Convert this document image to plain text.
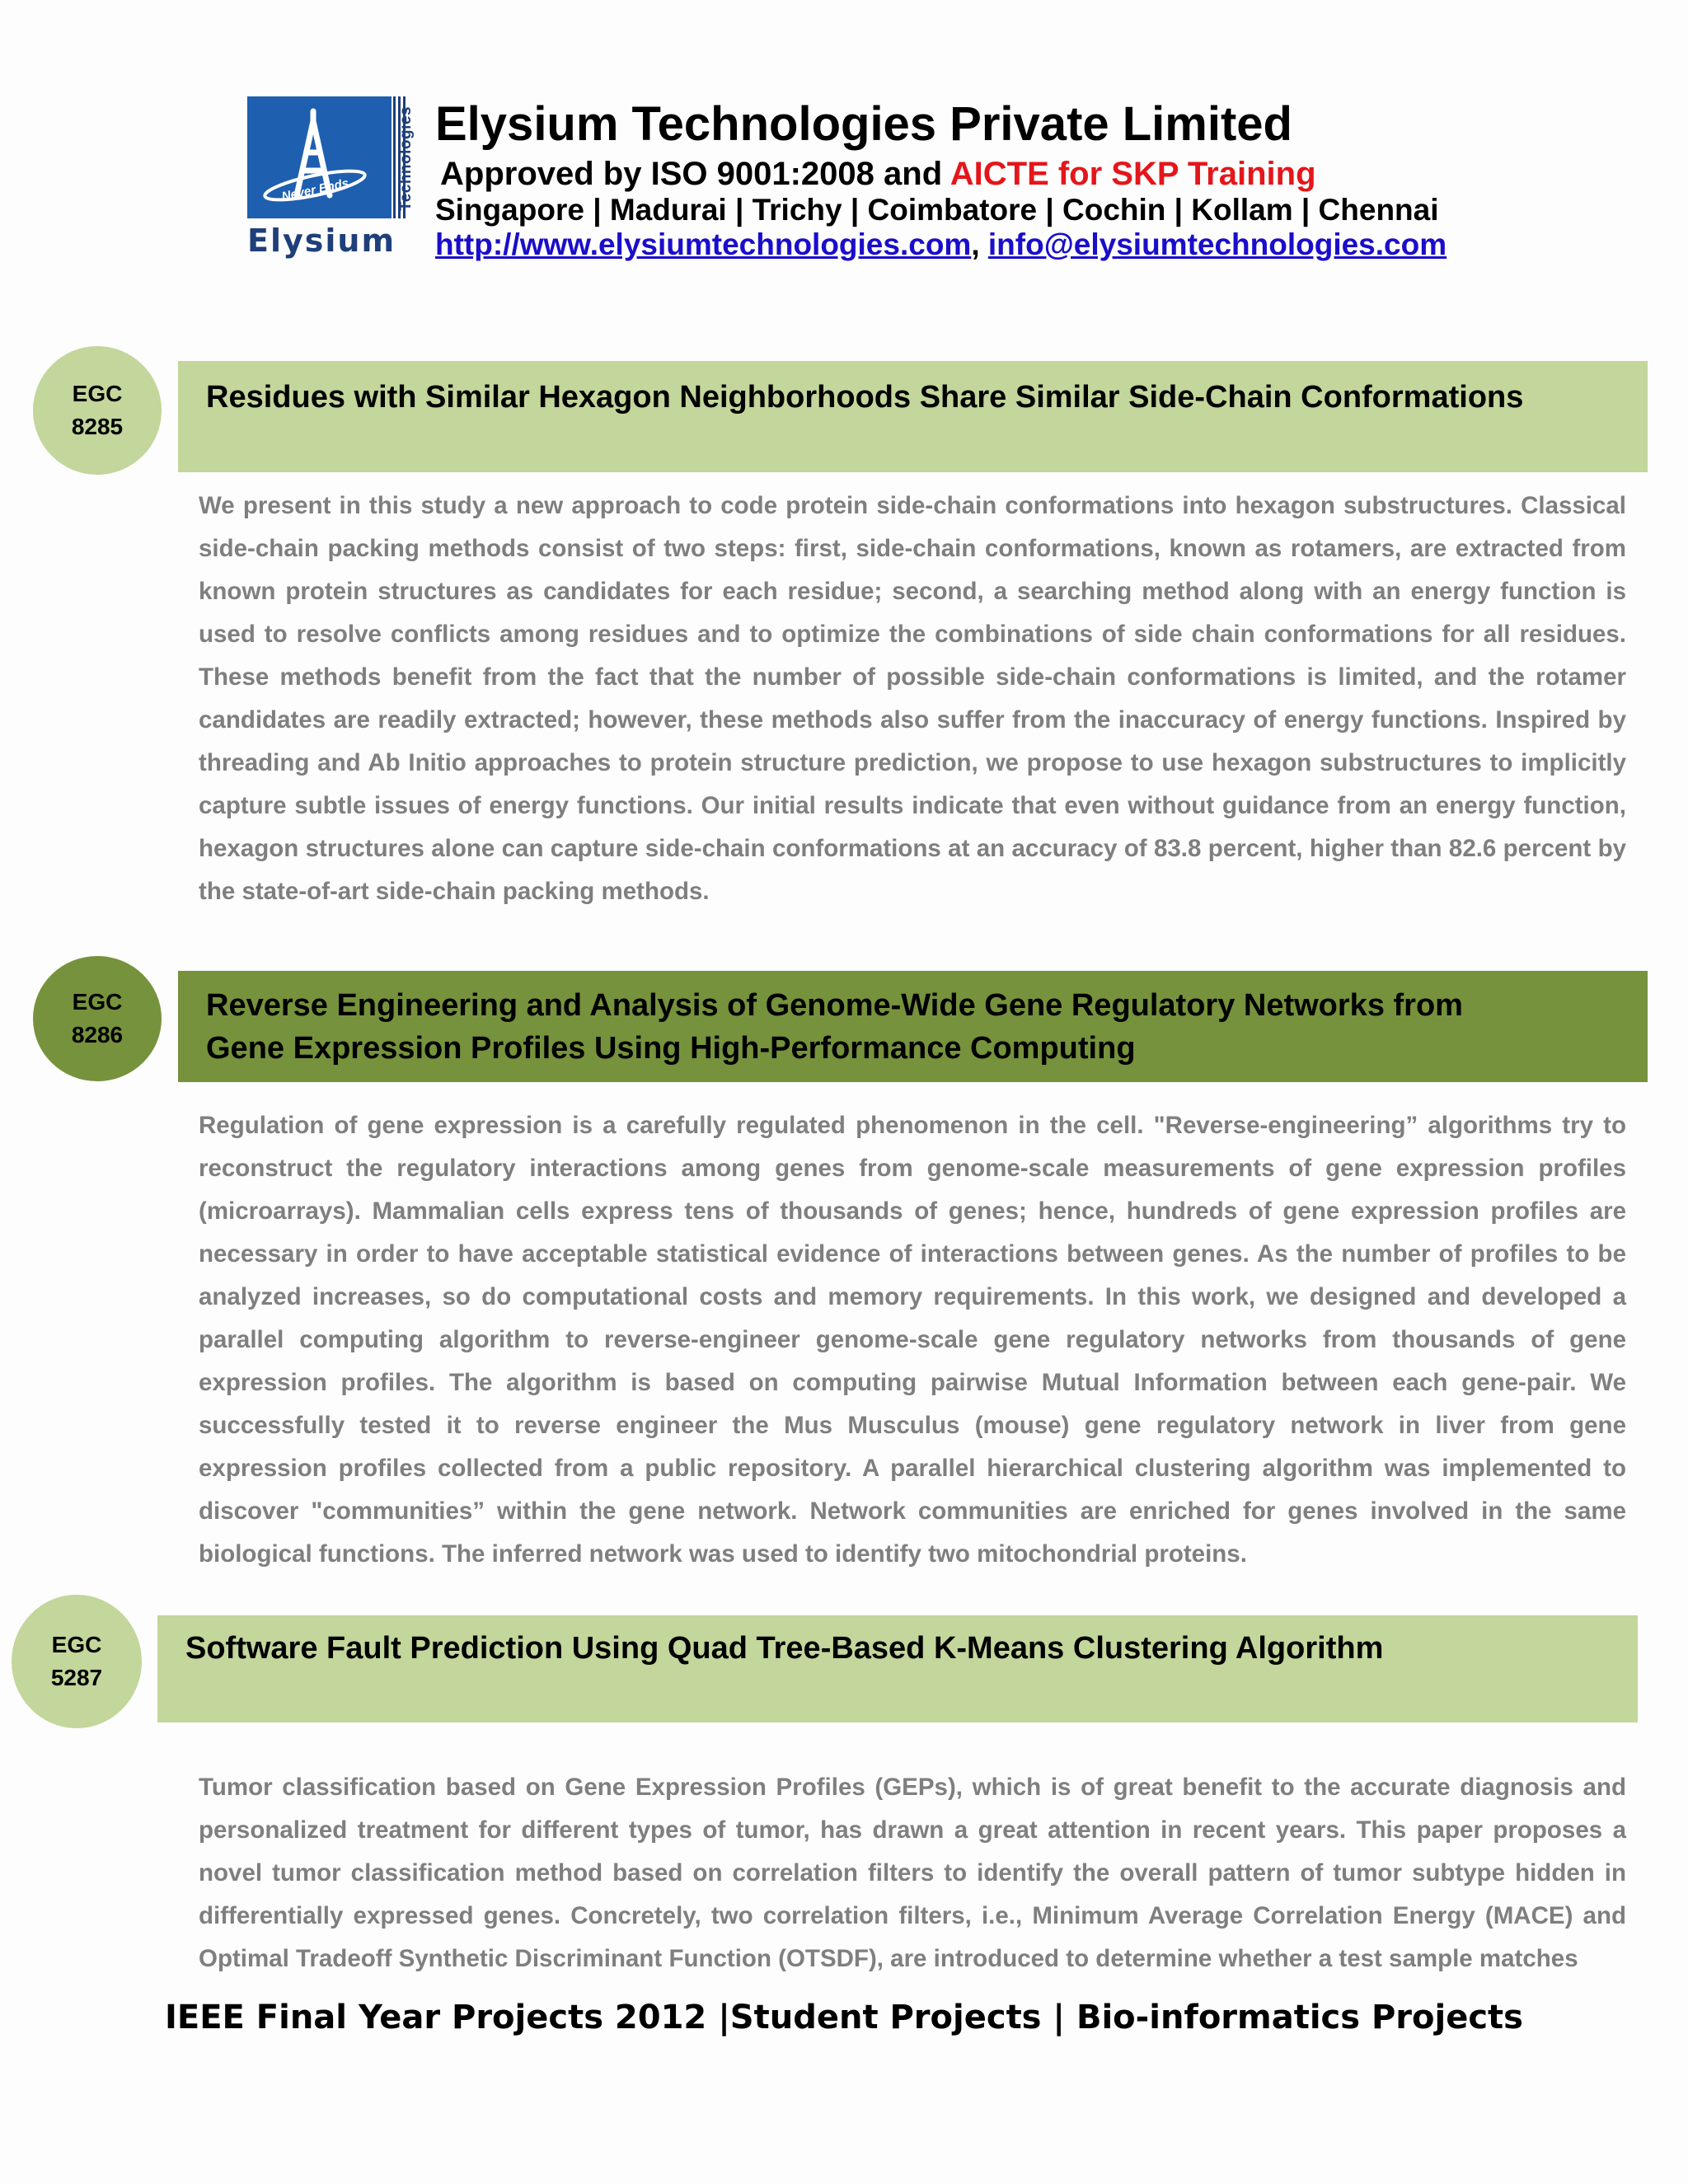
Never Ends	Technologies
Elysium
Elysium Technologies Private Limited
Approved by ISO 9001:2008 and AICTE for SKP Training
Singapore | Madurai | Trichy | Coimbatore | Cochin | Kollam | Chennai
http://www.elysiumtechnologies.com, info@elysiumtechnologies.com
EGC
8285
Residues with Similar Hexagon Neighborhoods Share Similar Side-Chain Conformations
We present in this study a new approach to code protein side-chain conformations into hexagon substructures. Classical side-chain packing methods consist of two steps: first, side-chain conformations, known as rotamers, are extracted from known protein structures as candidates for each residue; second, a searching method along with an energy function is used to resolve conflicts among residues and to optimize the combinations of side chain conformations for all residues. These methods benefit from the fact that the number of possible side-chain conformations is limited, and the rotamer candidates are readily extracted; however, these methods also suffer from the inaccuracy of energy functions. Inspired by threading and Ab Initio approaches to protein structure prediction, we propose to use hexagon substructures to implicitly capture subtle issues of energy functions. Our initial results indicate that even without guidance from an energy function, hexagon structures alone can capture side-chain conformations at an accuracy of 83.8 percent, higher than 82.6 percent by the state-of-art side-chain packing methods.
EGC
8286
Reverse Engineering and Analysis of Genome-Wide Gene Regulatory Networks from
Gene Expression Profiles Using High-Performance Computing
Regulation of gene expression is a carefully regulated phenomenon in the cell. "Reverse-engineering” algorithms try to reconstruct the regulatory interactions among genes from genome-scale measurements of gene expression profiles (microarrays). Mammalian cells express tens of thousands of genes; hence, hundreds of gene expression profiles are necessary in order to have acceptable statistical evidence of interactions between genes. As the number of profiles to be analyzed increases, so do computational costs and memory requirements. In this work, we designed and developed a parallel computing algorithm to reverse-engineer genome-scale gene regulatory networks from thousands of gene expression profiles. The algorithm is based on computing pairwise Mutual Information between each gene-pair. We successfully tested it to reverse engineer the Mus Musculus (mouse) gene regulatory network in liver from gene expression profiles collected from a public repository. A parallel hierarchical clustering algorithm was implemented to discover "communities” within the gene network. Network communities are enriched for genes involved in the same biological functions. The inferred network was used to identify two mitochondrial proteins.
EGC
5287
Software Fault Prediction Using Quad Tree-Based K-Means Clustering Algorithm
Tumor classification based on Gene Expression Profiles (GEPs), which is of great benefit to the accurate diagnosis and personalized treatment for different types of tumor, has drawn a great attention in recent years. This paper proposes a novel tumor classification method based on correlation filters to identify the overall pattern of tumor subtype hidden in differentially expressed genes. Concretely, two correlation filters, i.e., Minimum Average Correlation Energy (MACE) and Optimal Tradeoff Synthetic Discriminant Function (OTSDF), are introduced to determine whether a test sample matches
IEEE Final Year Projects 2012 |Student Projects | Bio-informatics Projects
